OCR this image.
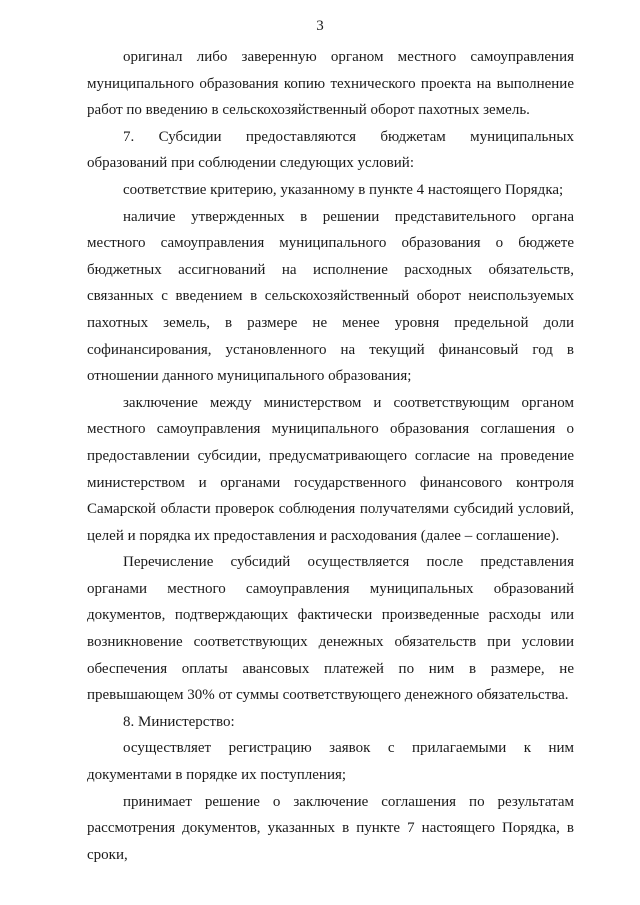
3

оригинал либо заверенную органом местного самоуправления муниципального образования копию технического проекта на выполнение работ по введению в сельскохозяйственный оборот пахотных земель.

7. Субсидии предоставляются бюджетам муниципальных образований при соблюдении следующих условий:

соответствие критерию, указанному в пункте 4 настоящего Порядка;

наличие утвержденных в решении представительного органа местного самоуправления муниципального образования о бюджете бюджетных ассигнований на исполнение расходных обязательств, связанных с введением в сельскохозяйственный оборот неиспользуемых пахотных земель, в размере не менее уровня предельной доли софинансирования, установленного на текущий финансовый год в отношении данного муниципального образования;

заключение между министерством и соответствующим органом местного самоуправления муниципального образования соглашения о предоставлении субсидии, предусматривающего согласие на проведение министерством и органами государственного финансового контроля Самарской области проверок соблюдения получателями субсидий условий, целей и порядка их предоставления и расходования (далее – соглашение).

Перечисление субсидий осуществляется после представления органами местного самоуправления муниципальных образований документов, подтверждающих фактически произведенные расходы или возникновение соответствующих денежных обязательств при условии обеспечения оплаты авансовых платежей по ним в размере, не превышающем 30% от суммы соответствующего денежного обязательства.

8. Министерство:

осуществляет регистрацию заявок с прилагаемыми к ним документами в порядке их поступления;

принимает решение о заключение соглашения по результатам рассмотрения документов, указанных в пункте 7 настоящего Порядка, в сроки,
